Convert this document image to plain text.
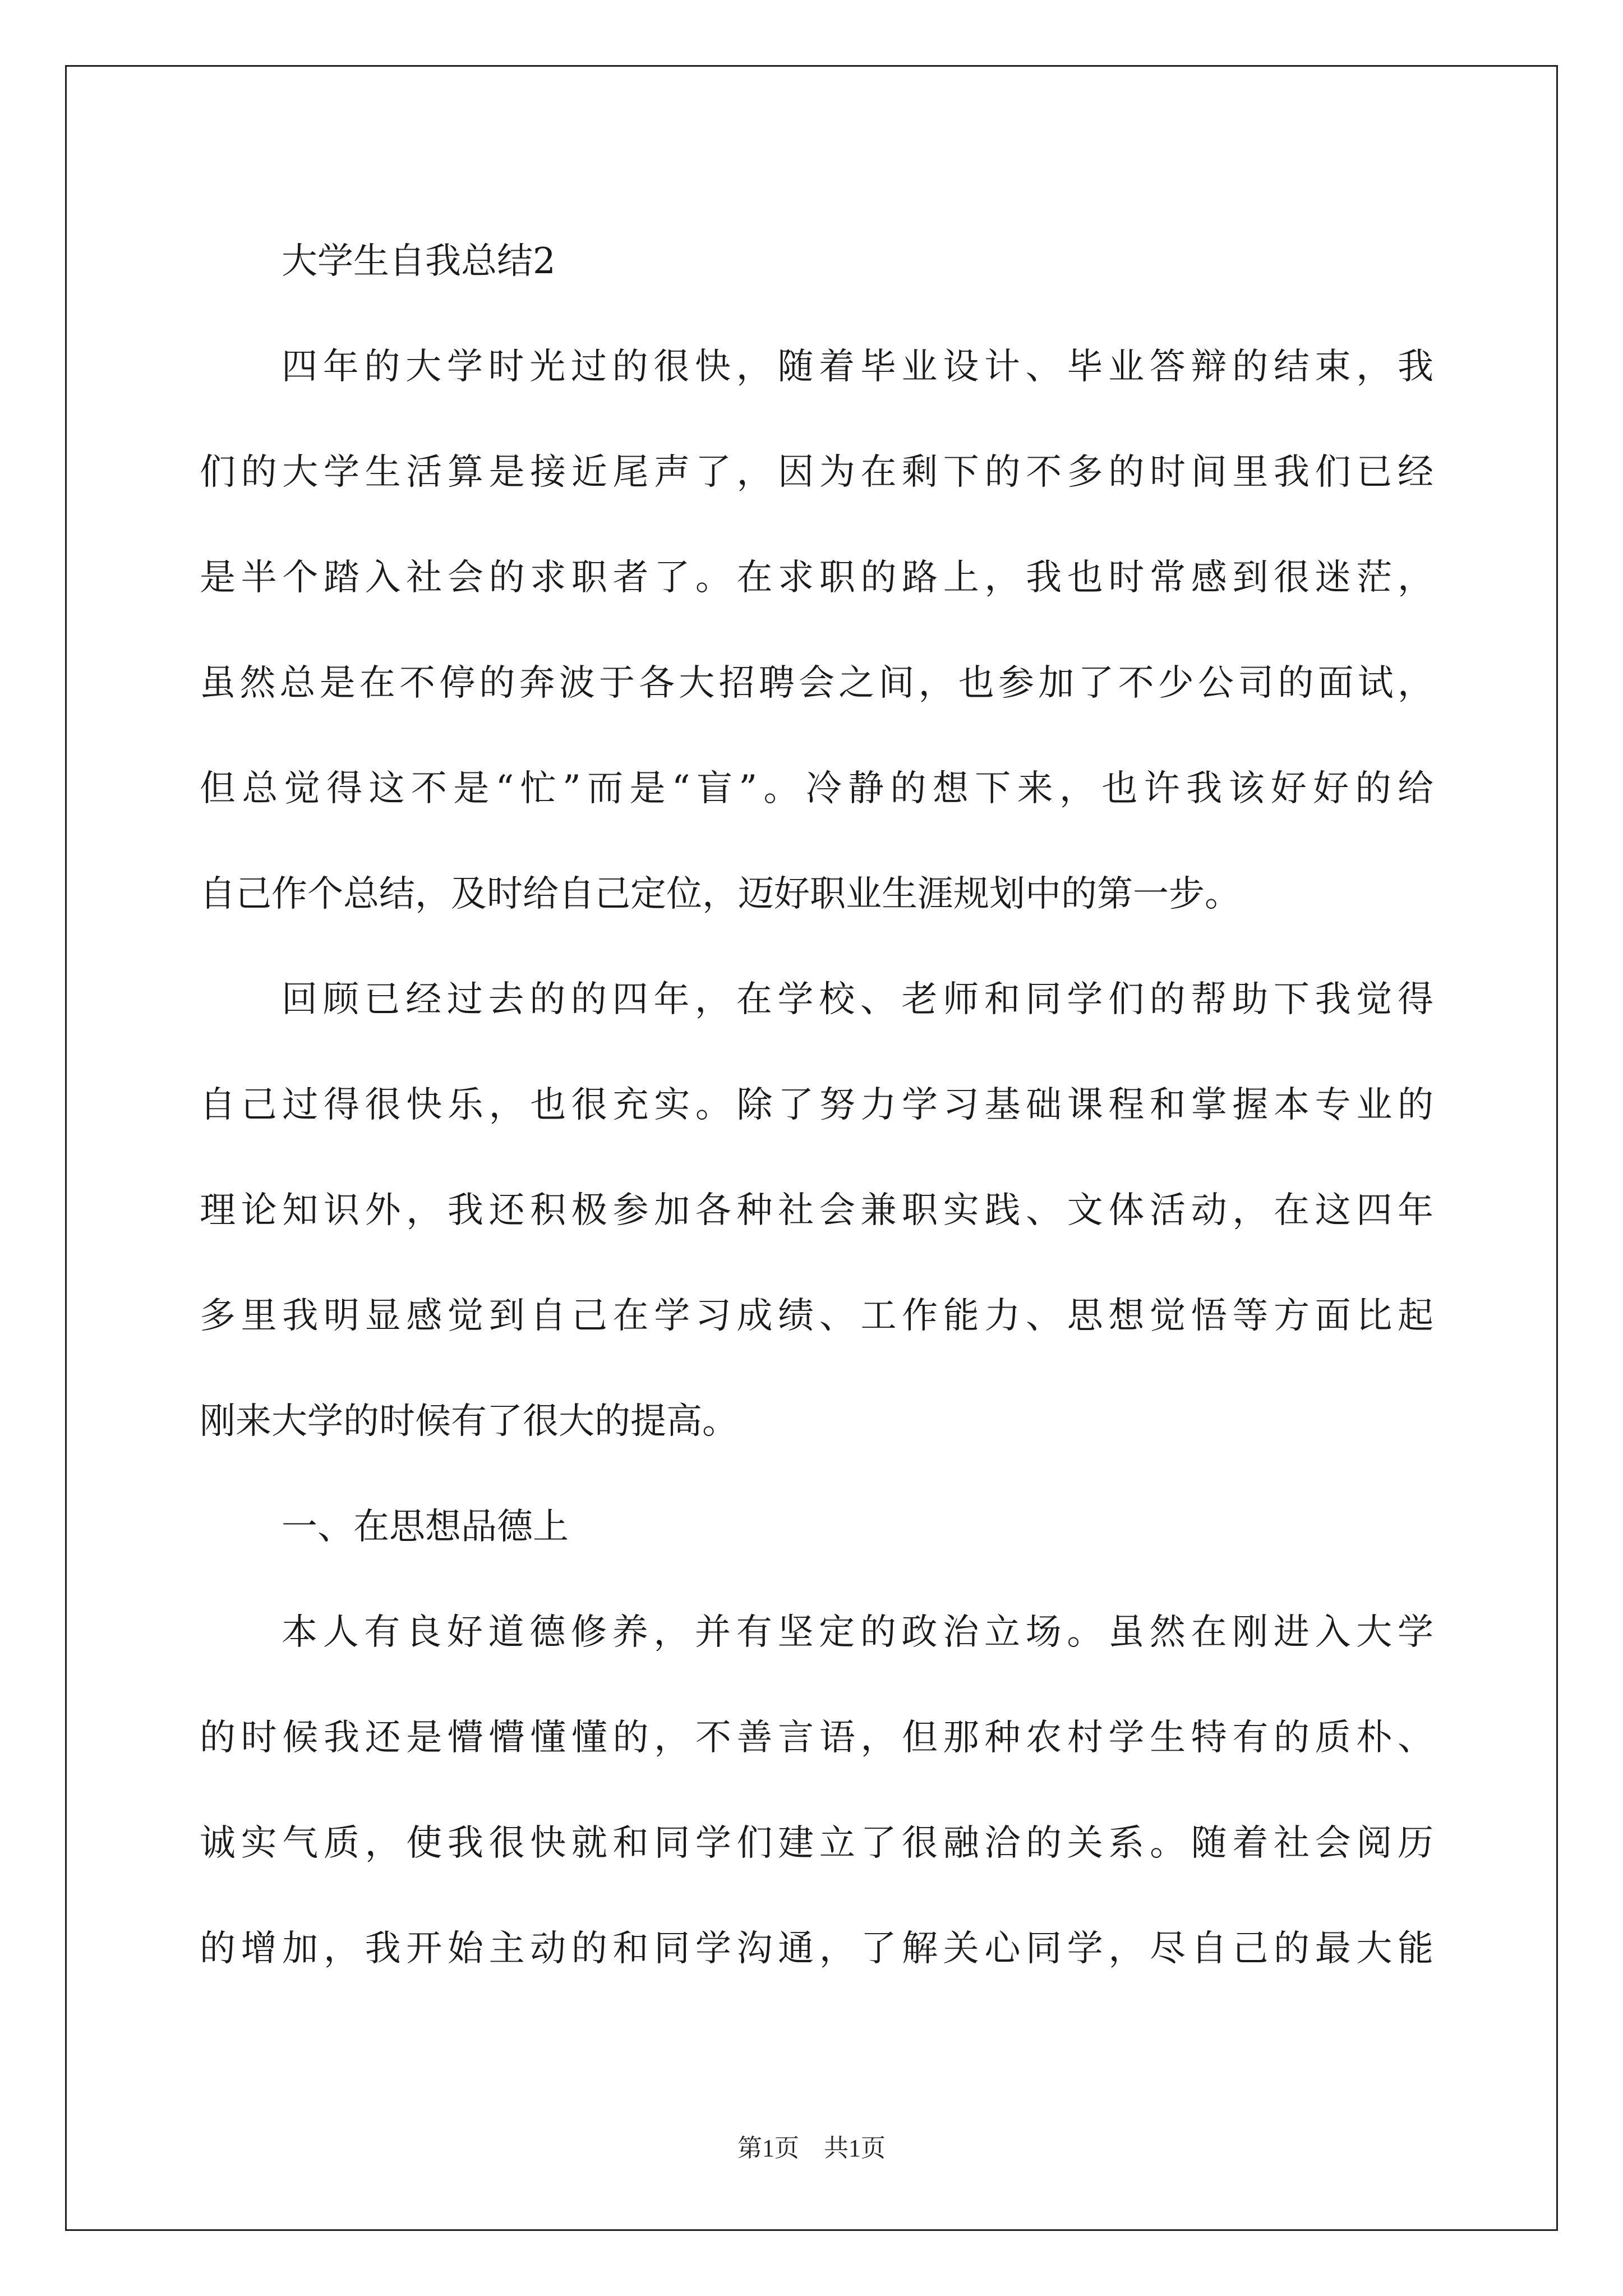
大学生自我总结2
四年的大学时光过的很快，随着毕业设计、毕业答辩的结束，我
们的大学生活算是接近尾声了，因为在剩下的不多的时间里我们已经
是半个踏入社会的求职者了。在求职的路上，我也时常感到很迷茫，
虽然总是在不停的奔波于各大招聘会之间，也参加了不少公司的面试，
但总觉得这不是“忙”而是“盲”。冷静的想下来，也许我该好好的给
自己作个总结，及时给自己定位，迈好职业生涯规划中的第一步。
回顾已经过去的的四年，在学校、老师和同学们的帮助下我觉得
自己过得很快乐，也很充实。除了努力学习基础课程和掌握本专业的
理论知识外，我还积极参加各种社会兼职实践、文体活动，在这四年
多里我明显感觉到自己在学习成绩、工作能力、思想觉悟等方面比起
刚来大学的时候有了很大的提高。
一、在思想品德上
本人有良好道德修养，并有坚定的政治立场。虽然在刚进入大学
的时候我还是懵懵懂懂的，不善言语，但那种农村学生特有的质朴、
诚实气质，使我很快就和同学们建立了很融洽的关系。随着社会阅历
的增加，我开始主动的和同学沟通，了解关心同学，尽自己的最大能
第1页 共1页
